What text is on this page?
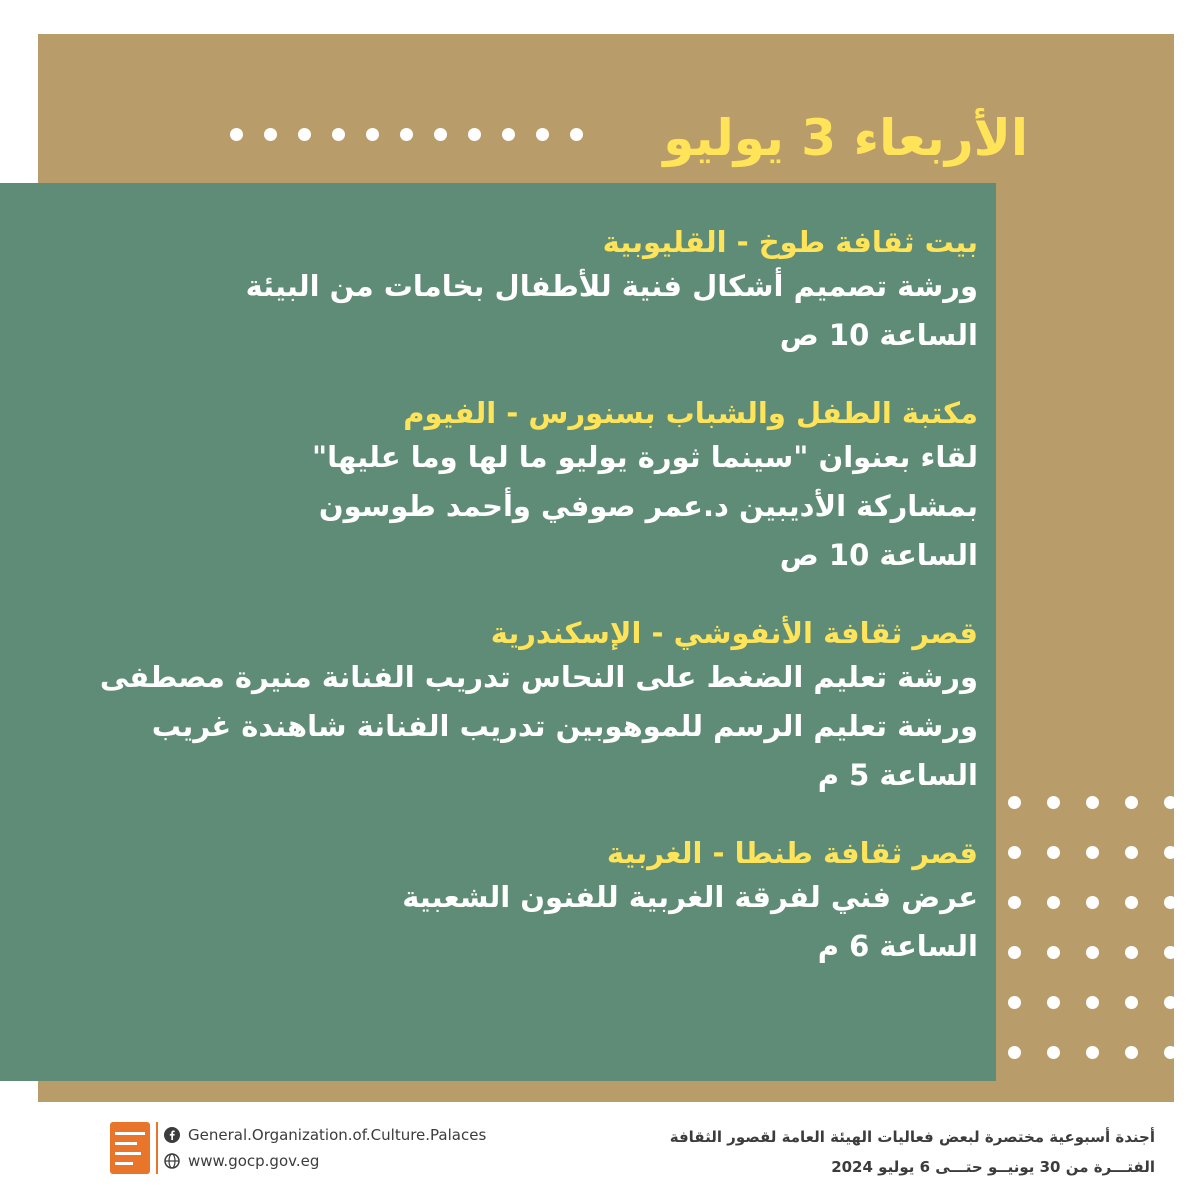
الأربعاء 3 يوليو
بيت ثقافة طوخ - القليوبية
ورشة تصميم أشكال فنية للأطفال بخامات من البيئة
الساعة 10 ص
مكتبة الطفل والشباب بسنورس - الفيوم
لقاء بعنوان "سينما ثورة يوليو ما لها وما عليها"
بمشاركة الأديبين د.عمر صوفي وأحمد طوسون
الساعة 10 ص
قصر ثقافة الأنفوشي - الإسكندرية
ورشة تعليم الضغط على النحاس تدريب الفنانة منيرة مصطفى
ورشة تعليم الرسم للموهوبين تدريب الفنانة شاهندة غريب
الساعة 5 م
قصر ثقافة طنطا - الغربية
عرض فني لفرقة الغربية للفنون الشعبية
الساعة 6 م
General.Organization.of.Culture.Palaces
www.gocp.gov.eg
أجندة أسبوعية مختصرة لبعض فعاليات الهيئة العامة لقصور الثقافة
الفتـــرة من 30 يونيــو حتـــى 6 يوليو 2024
